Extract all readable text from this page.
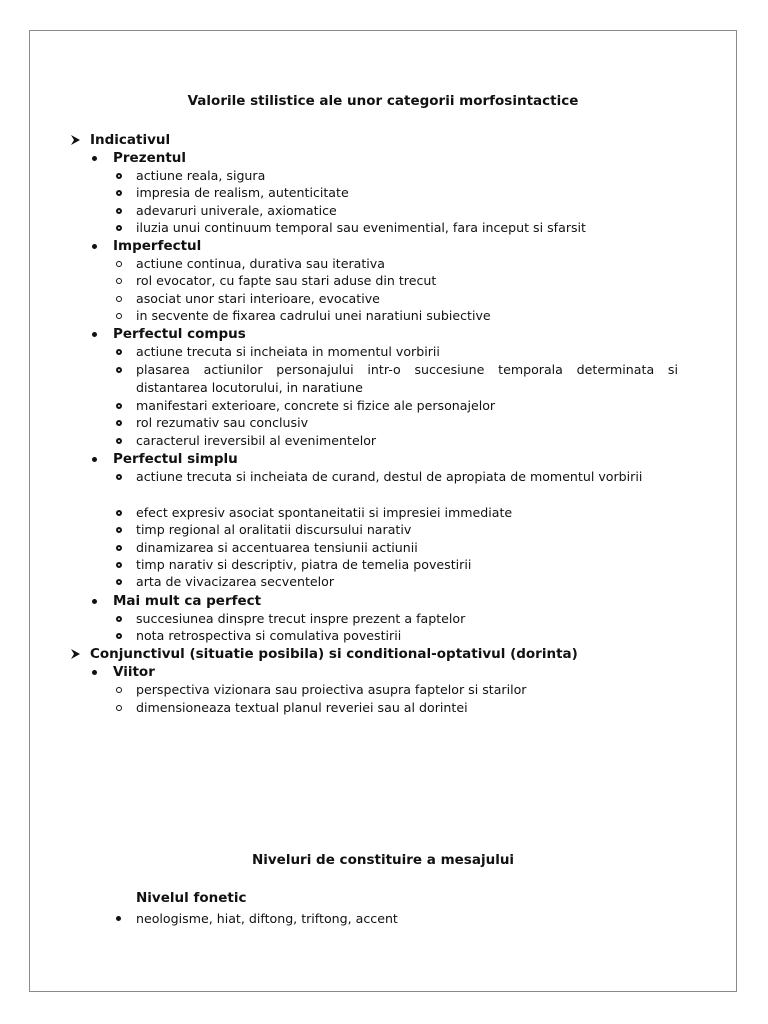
Valorile stilistice ale unor categorii morfosintactice
Indicativul
Prezentul
actiune reala, sigura
impresia de realism, autenticitate
adevaruri univerale, axiomatice
iluzia unui continuum temporal sau evenimential, fara inceput si sfarsit
Imperfectul
actiune continua, durativa sau iterativa
rol evocator, cu fapte sau stari aduse din trecut
asociat unor stari interioare, evocative
in secvente de fixarea cadrului unei naratiuni subiective
Perfectul compus
actiune trecuta si incheiata in momentul vorbirii
plasarea actiunilor personajului intr-o succesiune temporala determinata si distantarea locutorului, in naratiune
manifestari exterioare, concrete si fizice ale personajelor
rol rezumativ sau conclusiv
caracterul ireversibil al evenimentelor
Perfectul simplu
actiune trecuta si incheiata de curand, destul de apropiata de momentul vorbirii
efect expresiv asociat spontaneitatii si impresiei immediate
timp regional al oralitatii discursului narativ
dinamizarea si accentuarea tensiunii actiunii
timp narativ si descriptiv, piatra de temelia povestirii
arta de vivacizarea secventelor
Mai mult ca perfect
succesiunea dinspre trecut inspre prezent a faptelor
nota retrospectiva si comulativa povestirii
Conjunctivul (situatie posibila) si conditional-optativul (dorinta)
Viitor
perspectiva vizionara sau proiectiva asupra faptelor si starilor
dimensioneaza textual planul reveriei sau al dorintei
Niveluri de constituire a mesajului
Nivelul fonetic
neologisme, hiat, diftong, triftong, accent
